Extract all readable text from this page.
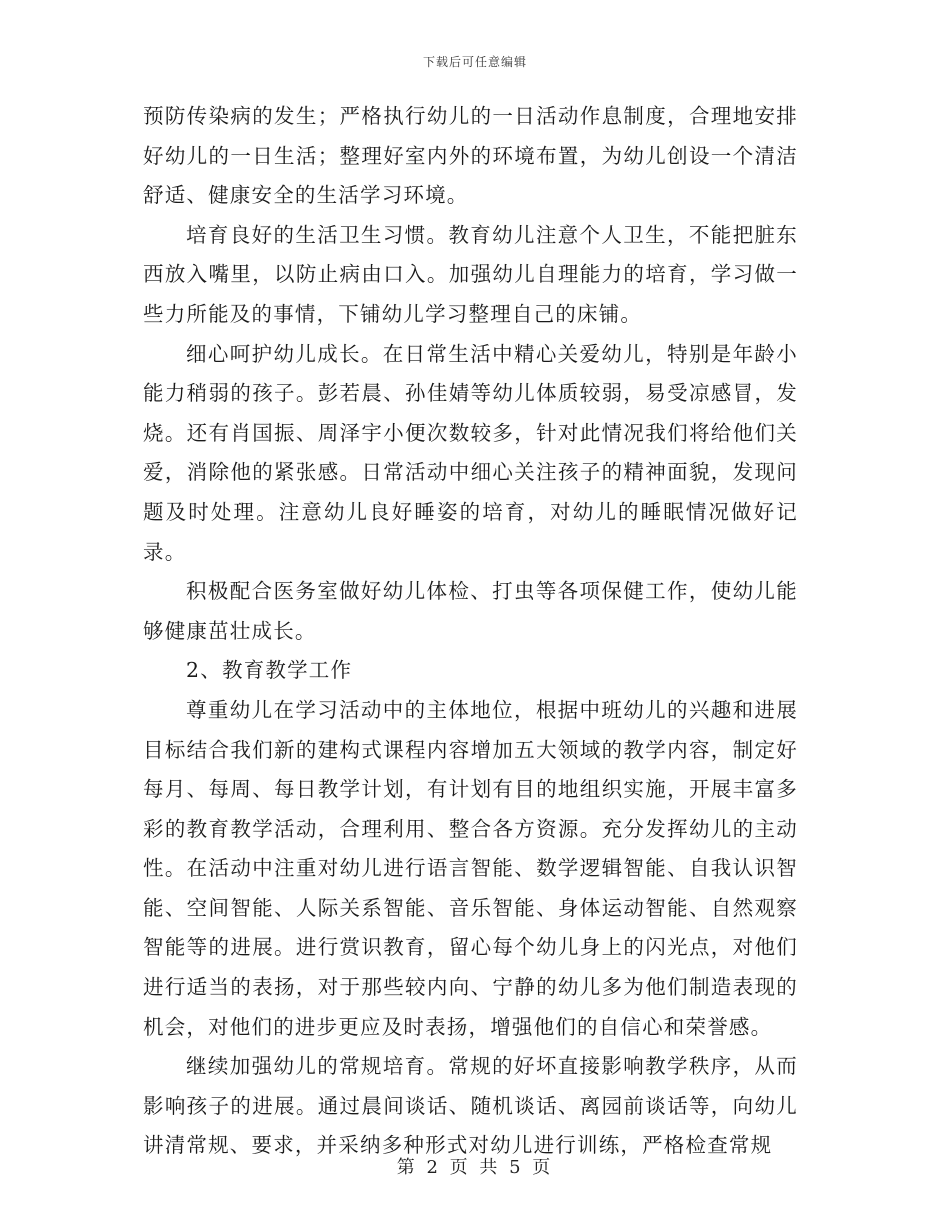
下载后可任意编辑

预防传染病的发生；严格执行幼儿的一日活动作息制度，合理地安排好幼儿的一日生活；整理好室内外的环境布置，为幼儿创设一个清洁舒适、健康安全的生活学习环境。

培育良好的生活卫生习惯。教育幼儿注意个人卫生，不能把脏东西放入嘴里，以防止病由口入。加强幼儿自理能力的培育，学习做一些力所能及的事情，下铺幼儿学习整理自己的床铺。

细心呵护幼儿成长。在日常生活中精心关爱幼儿，特别是年龄小能力稍弱的孩子。彭若晨、孙佳婧等幼儿体质较弱，易受凉感冒，发烧。还有肖国振、周泽宇小便次数较多，针对此情况我们将给他们关爱，消除他的紧张感。日常活动中细心关注孩子的精神面貌，发现问题及时处理。注意幼儿良好睡姿的培育，对幼儿的睡眠情况做好记录。

积极配合医务室做好幼儿体检、打虫等各项保健工作，使幼儿能够健康茁壮成长。

2、教育教学工作

尊重幼儿在学习活动中的主体地位，根据中班幼儿的兴趣和进展目标结合我们新的建构式课程内容增加五大领域的教学内容，制定好每月、每周、每日教学计划，有计划有目的地组织实施，开展丰富多彩的教育教学活动，合理利用、整合各方资源。充分发挥幼儿的主动性。在活动中注重对幼儿进行语言智能、数学逻辑智能、自我认识智能、空间智能、人际关系智能、音乐智能、身体运动智能、自然观察智能等的进展。进行赏识教育，留心每个幼儿身上的闪光点，对他们进行适当的表扬，对于那些较内向、宁静的幼儿多为他们制造表现的机会，对他们的进步更应及时表扬，增强他们的自信心和荣誉感。

继续加强幼儿的常规培育。常规的好坏直接影响教学秩序，从而影响孩子的进展。通过晨间谈话、随机谈话、离园前谈话等，向幼儿讲清常规、要求，并采纳多种形式对幼儿进行训练，严格检查常规

第 2 页 共 5 页
